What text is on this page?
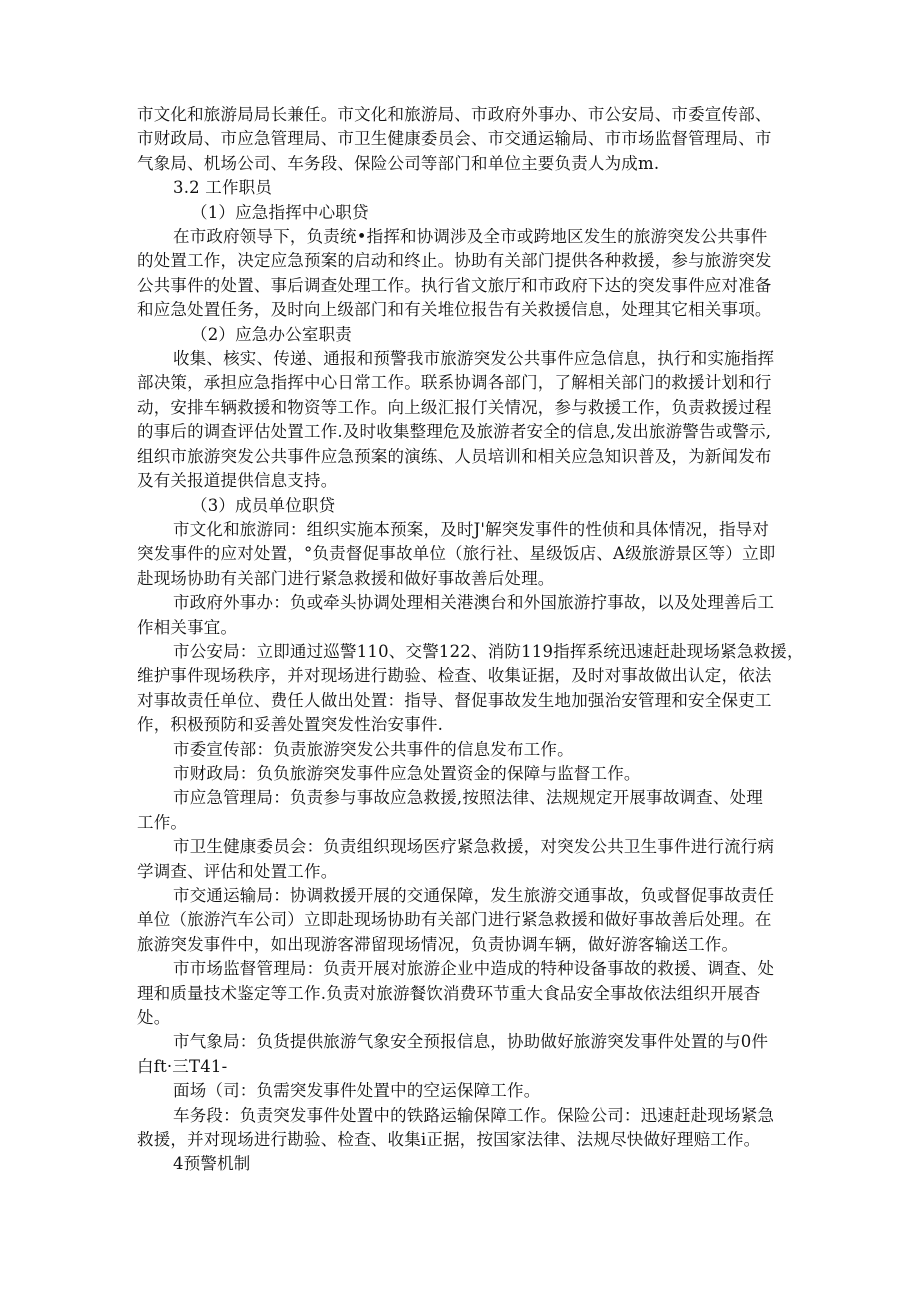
市文化和旅游局局长兼任。市文化和旅游局、市政府外事办、市公安局、市委宣传部、

市财政局、市应急管理局、市卫生健康委员会、市交通运输局、市市场监督管理局、市

气象局、机场公司、车务段、保险公司等部门和单位主要负责人为成m.

3.2 工作职员

（1）应急指挥中心职贷

在市政府领导下，负责统•指挥和协调涉及全市或跨地区发生的旅游突发公共事件

的处置工作，决定应急预案的启动和终止。协助有关部门提供各种救援，参与旅游突发

公共事件的处置、事后调查处理工作。执行省文旅厅和市政府下达的突发事件应对准备

和应急处置任务，及时向上级部门和有关堆位报告有关救援信息，处理其它相关事项。

（2）应急办公室职责

收集、核实、传递、通报和预警我市旅游突发公共事件应急信息，执行和实施指挥

部决策，承担应急指挥中心日常工作。联系协调各部门，了解相关部门的救援计划和行

动，安排车辆救援和物资等工作。向上级汇报仃关情况，参与救援工作，负责救援过程

的事后的调查评估处置工作.及时收集整理危及旅游者安全的信息,发出旅游警告或警示,

组织市旅游突发公共事件应急预案的演练、人员培训和相关应急知识普及，为新闻发布

及有关报道提供信息支持。

（3）成员单位职贷

市文化和旅游同：组织实施本预案，及时J'解突发事件的性侦和具体情况，指导对

突发事件的应对处置，°负责督促事故单位（旅行社、星级饭店、A级旅游景区等）立即

赴现场协助有关部门进行紧急救援和做好事故善后处理。

市政府外事办：负或牵头协调处理相关港澳台和外国旅游拧事故，以及处理善后工

作相关事宜。

市公安局：立即通过巡警110、交警122、消防119指挥系统迅速赶赴现场紧急救援，

维护事件现场秩序，并对现场进行勘验、检查、收集证据，及时对事故做出认定，依法

对事故责任单位、费任人做出处置：指导、督促事故发生地加强治安管理和安全保吏工

作，积极预防和妥善处置突发性治安事件.

市委宣传部：负责旅游突发公共事件的信息发布工作。

市财政局：负负旅游突发事件应急处置资金的保障与监督工作。

市应急管理局：负责参与事故应急救援,按照法律、法规规定开展事故调查、处理

工作。

市卫生健康委员会：负责组织现场医疗紧急救援，对突发公共卫生事件进行流行病

学调查、评估和处置工作。

市交通运输局：协调救援开展的交通保障，发生旅游交通事故，负或督促事故责任

单位（旅游汽车公司）立即赴现场协助有关部门进行紧急救援和做好事故善后处理。在

旅游突发事件中，如出现游客滞留现场情况，负责协调车辆，做好游客输送工作。

市市场监督管理局：负责开展对旅游企业中造成的特种设备事故的救援、调查、处

理和质量技术鉴定等工作.负责对旅游餐饮消费环节重大食品安全事故依法组织开展杳

处。

市气象局：负货提供旅游气象安全预报信息，协助做好旅游突发事件处置的与0件

白ft·三T41-

面场（司：负需突发事件处置中的空运保障工作。

车务段：负责突发事件处置中的铁路运输保障工作。保险公司：迅速赶赴现场紧急

救援，并对现场进行勘验、检查、收集i正据，按国家法律、法规尽快做好理赔工作。

4预警机制
